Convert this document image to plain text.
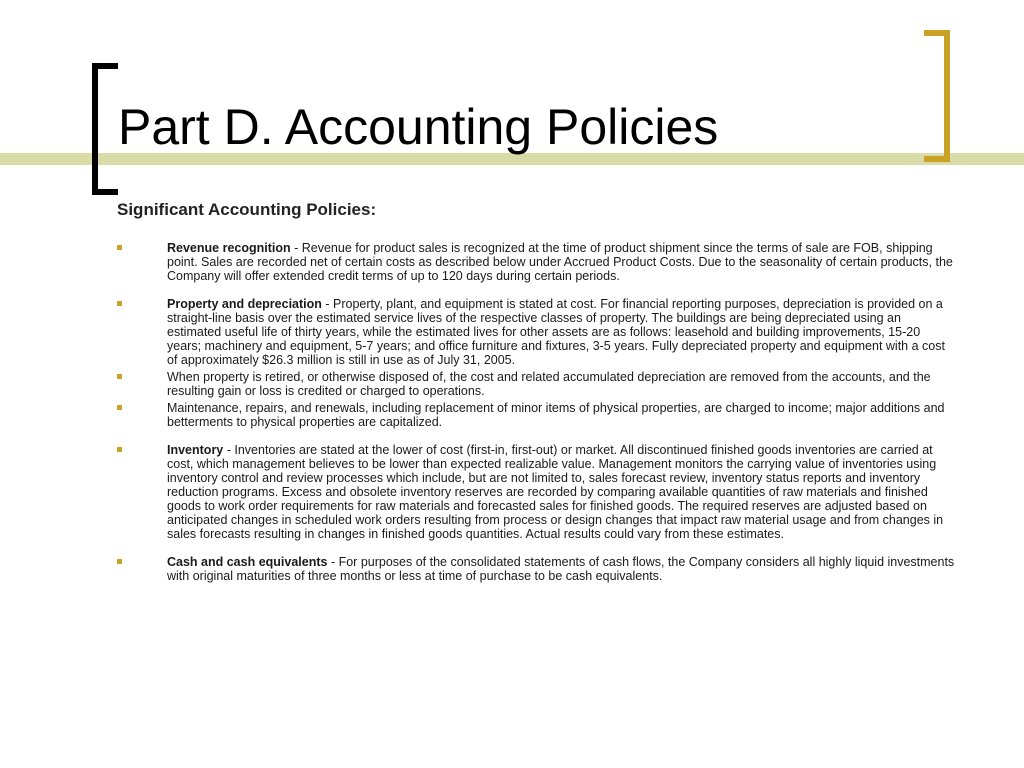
Part D. Accounting Policies
Significant Accounting Policies:

Revenue recognition - Revenue for product sales is recognized at the time of product shipment since the terms of sale are FOB, shipping point. Sales are recorded net of certain costs as described below under Accrued Product Costs. Due to the seasonality of certain products, the Company will offer extended credit terms of up to 120 days during certain periods.

Property and depreciation - Property, plant, and equipment is stated at cost. For financial reporting purposes, depreciation is provided on a straight-line basis over the estimated service lives of the respective classes of property. The buildings are being depreciated using an estimated useful life of thirty years, while the estimated lives for other assets are as follows: leasehold and building improvements, 15-20 years; machinery and equipment, 5-7 years; and office furniture and fixtures, 3-5 years. Fully depreciated property and equipment with a cost of approximately $26.3 million is still in use as of July 31, 2005.

When property is retired, or otherwise disposed of, the cost and related accumulated depreciation are removed from the accounts, and the resulting gain or loss is credited or charged to operations.

Maintenance, repairs, and renewals, including replacement of minor items of physical properties, are charged to income; major additions and betterments to physical properties are capitalized.

Inventory - Inventories are stated at the lower of cost (first-in, first-out) or market. All discontinued finished goods inventories are carried at cost, which management believes to be lower than expected realizable value. Management monitors the carrying value of inventories using inventory control and review processes which include, but are not limited to, sales forecast review, inventory status reports and inventory reduction programs. Excess and obsolete inventory reserves are recorded by comparing available quantities of raw materials and finished goods to work order requirements for raw materials and forecasted sales for finished goods. The required reserves are adjusted based on anticipated changes in scheduled work orders resulting from process or design changes that impact raw material usage and from changes in sales forecasts resulting in changes in finished goods quantities. Actual results could vary from these estimates.

Cash and cash equivalents - For purposes of the consolidated statements of cash flows, the Company considers all highly liquid investments with original maturities of three months or less at time of purchase to be cash equivalents.
